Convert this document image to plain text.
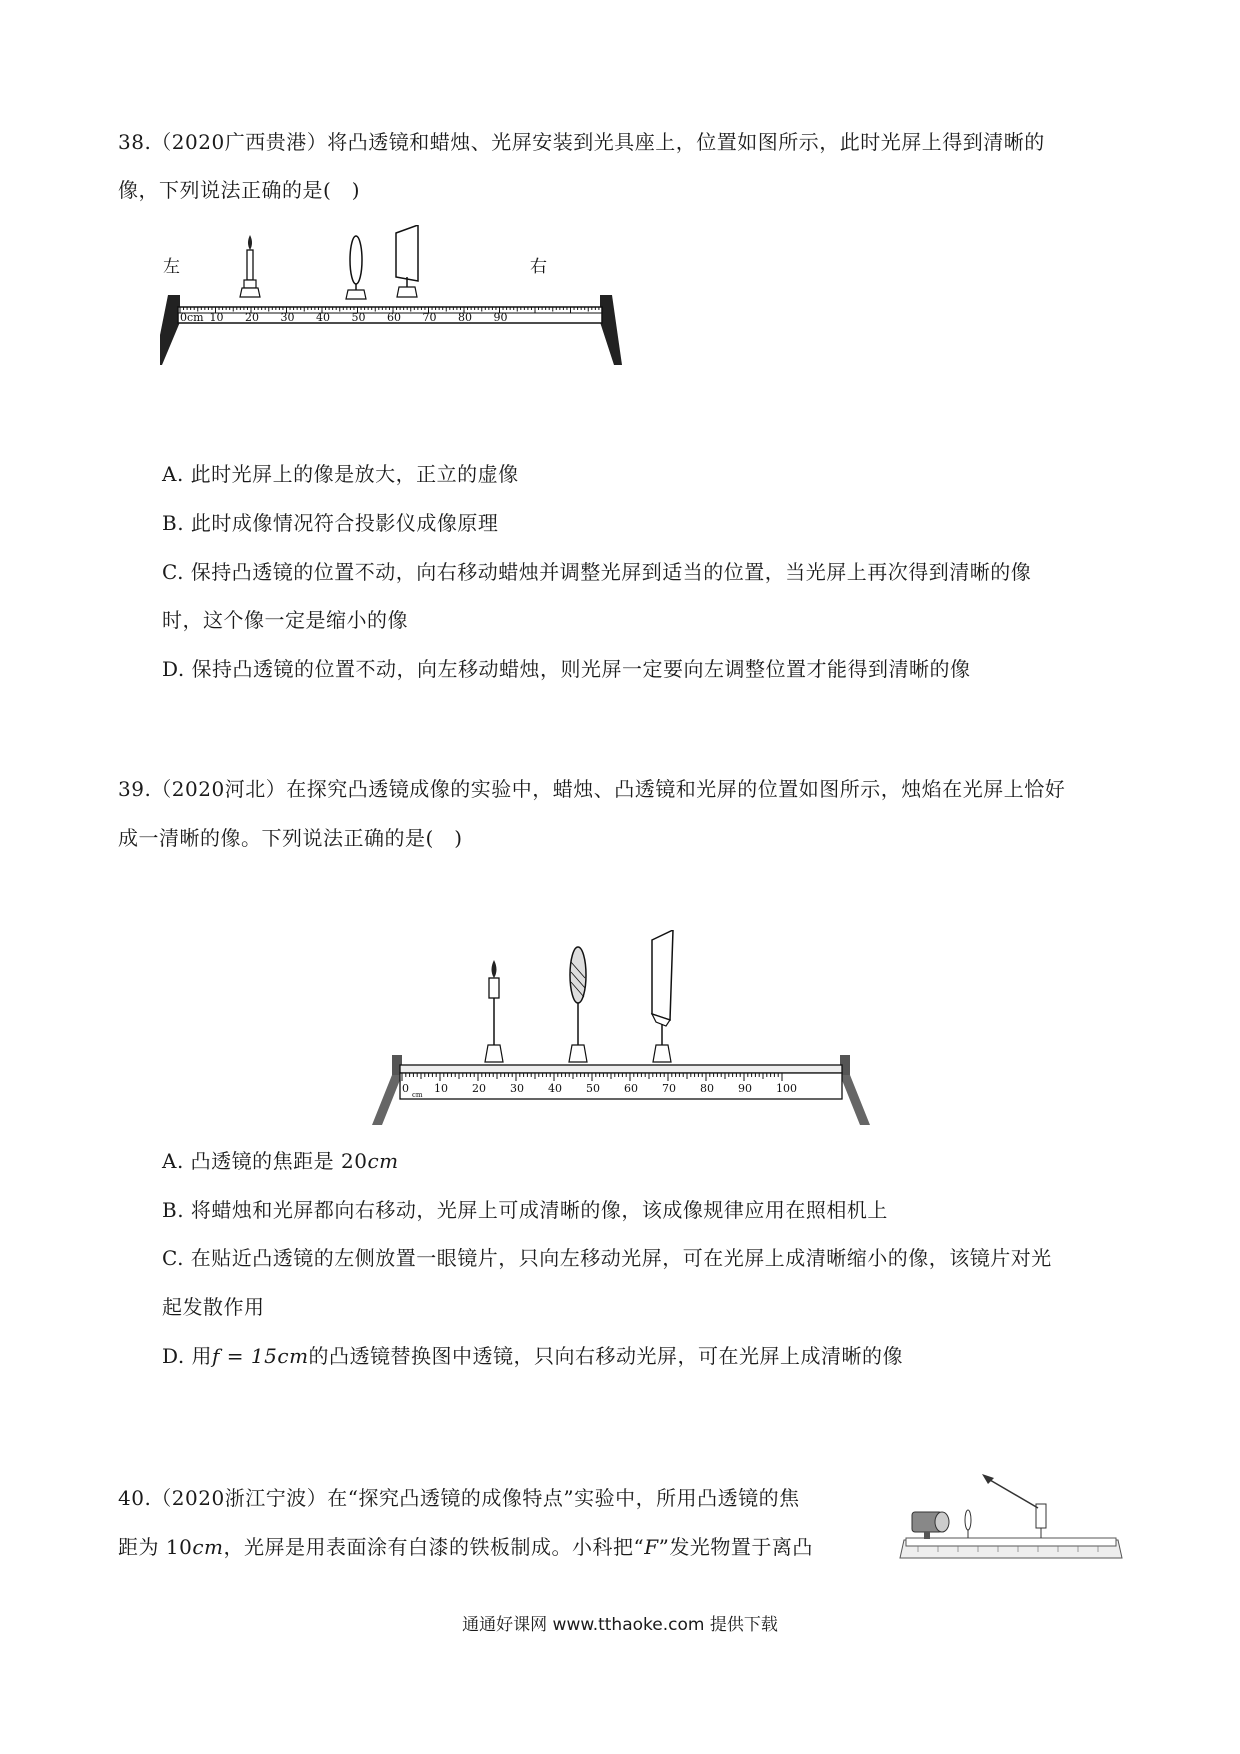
38.（2020广西贵港）将凸透镜和蜡烛、光屏安装到光具座上，位置如图所示，此时光屏上得到清晰的
像，下列说法正确的是(　)
左	右
0cm 10 20 30 40 50 60 70 80 90
A. 此时光屏上的像是放大，正立的虚像
B. 此时成像情况符合投影仪成像原理
C. 保持凸透镜的位置不动，向右移动蜡烛并调整光屏到适当的位置，当光屏上再次得到清晰的像
时，这个像一定是缩小的像
D. 保持凸透镜的位置不动，向左移动蜡烛，则光屏一定要向左调整位置才能得到清晰的像
39.（2020河北）在探究凸透镜成像的实验中，蜡烛、凸透镜和光屏的位置如图所示，烛焰在光屏上恰好
成一清晰的像。下列说法正确的是(　)
0 10 20 30 40 50 60 70 80 90 100
cm
A. 凸透镜的焦距是 20cm
B. 将蜡烛和光屏都向右移动，光屏上可成清晰的像，该成像规律应用在照相机上
C. 在贴近凸透镜的左侧放置一眼镜片，只向左移动光屏，可在光屏上成清晰缩小的像，该镜片对光
起发散作用
D. 用f = 15cm的凸透镜替换图中透镜，只向右移动光屏，可在光屏上成清晰的像
40.（2020浙江宁波）在“探究凸透镜的成像特点”实验中，所用凸透镜的焦
距为 10cm，光屏是用表面涂有白漆的铁板制成。小科把“F”发光物置于离凸
通通好课网 www.tthaoke.com 提供下载
